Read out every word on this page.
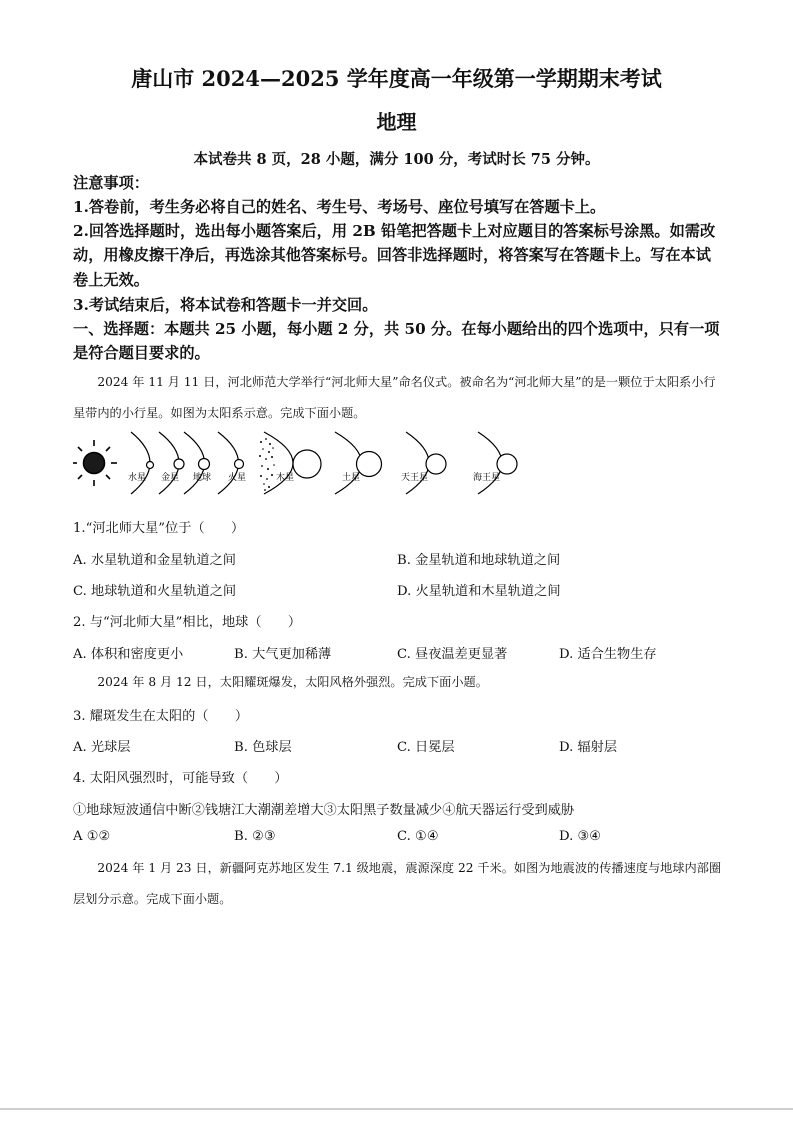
唐山市 2024—2025 学年度高一年级第一学期期末考试
地理
本试卷共 8 页，28 小题，满分 100 分，考试时长 75 分钟。
注意事项：
1.答卷前，考生务必将自己的姓名、考生号、考场号、座位号填写在答题卡上。
2.回答选择题时，选出每小题答案后，用 2B 铅笔把答题卡上对应题目的答案标号涂黑。如需改动，用橡皮擦干净后，再选涂其他答案标号。回答非选择题时，将答案写在答题卡上。写在本试卷上无效。
3.考试结束后，将本试卷和答题卡一并交回。
一、选择题：本题共 25 小题，每小题 2 分，共 50 分。在每小题给出的四个选项中，只有一项是符合题目要求的。
2024 年 11 月 11 日，河北师范大学举行“河北师大星”命名仪式。被命名为“河北师大星”的是一颗位于太阳系小行星带内的小行星。如图为太阳系示意。完成下面小题。
水星 金星 地球 火星	木星	土星	天王星	海王星
1.“河北师大星”位于（　　）
A. 水星轨道和金星轨道之间	B. 金星轨道和地球轨道之间
C. 地球轨道和火星轨道之间	D. 火星轨道和木星轨道之间
2. 与“河北师大星”相比，地球（　　）
A. 体积和密度更小	B. 大气更加稀薄	C. 昼夜温差更显著	D. 适合生物生存
2024 年 8 月 12 日，太阳耀斑爆发，太阳风格外强烈。完成下面小题。
3. 耀斑发生在太阳的（　　）
A. 光球层	B. 色球层	C. 日冕层	D. 辐射层
4. 太阳风强烈时，可能导致（　　）
①地球短波通信中断②钱塘江大潮潮差增大③太阳黑子数量减少④航天器运行受到威胁
A ①②	B. ②③	C. ①④	D. ③④
2024 年 1 月 23 日，新疆阿克苏地区发生 7.1 级地震，震源深度 22 千米。如图为地震波的传播速度与地球内部圈层划分示意。完成下面小题。
